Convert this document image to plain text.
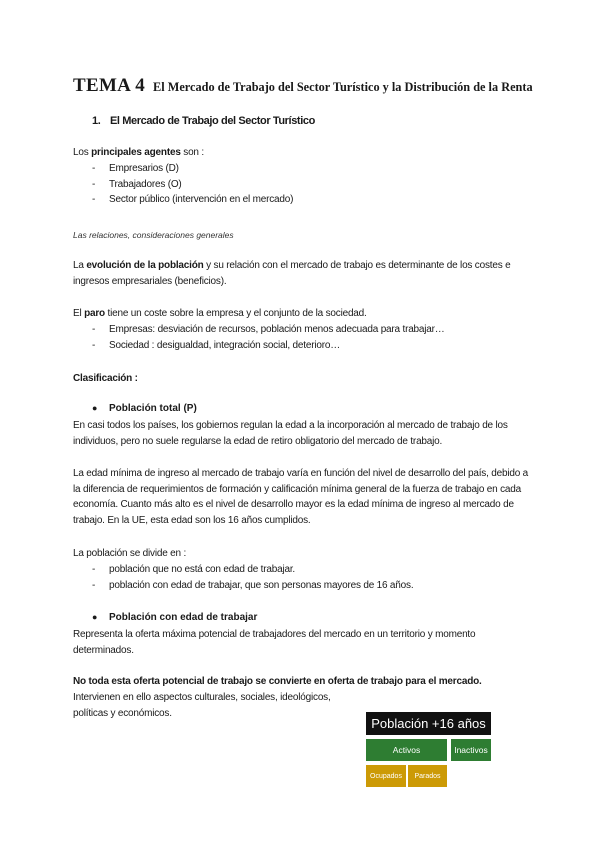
TEMA 4 El Mercado de Trabajo del Sector Turístico y la Distribución de la Renta
1. El Mercado de Trabajo del Sector Turístico
Los principales agentes son :
- Empresarios (D)
- Trabajadores (O)
- Sector público (intervención en el mercado)
Las relaciones, consideraciones generales
La evolución de la población y su relación con el mercado de trabajo es determinante de los costes e ingresos empresariales (beneficios).
El paro tiene un coste sobre la empresa y el conjunto de la sociedad.
- Empresas: desviación de recursos, población menos adecuada para trabajar…
- Sociedad : desigualdad, integración social, deterioro…
Clasificación :
● Población total (P)
En casi todos los países, los gobiernos regulan la edad a la incorporación al mercado de trabajo de los individuos, pero no suele regularse la edad de retiro obligatorio del mercado de trabajo.
La edad mínima de ingreso al mercado de trabajo varía en función del nivel de desarrollo del país, debido a la diferencia de requerimientos de formación y calificación mínima general de la fuerza de trabajo en cada economía. Cuanto más alto es el nivel de desarrollo mayor es la edad mínima de ingreso al mercado de trabajo. En la UE, esta edad son los 16 años cumplidos.
La población se divide en :
- población que no está con edad de trabajar.
- población con edad de trabajar, que son personas mayores de 16 años.
● Población con edad de trabajar
Representa la oferta máxima potencial de trabajadores del mercado en un territorio y momento determinados.
No toda esta oferta potencial de trabajo se convierte en oferta de trabajo para el mercado.
Intervienen en ello aspectos culturales, sociales, ideológicos,
políticas y económicos.
Población +16 años
Activos	Inactivos
Ocupados	Parados
